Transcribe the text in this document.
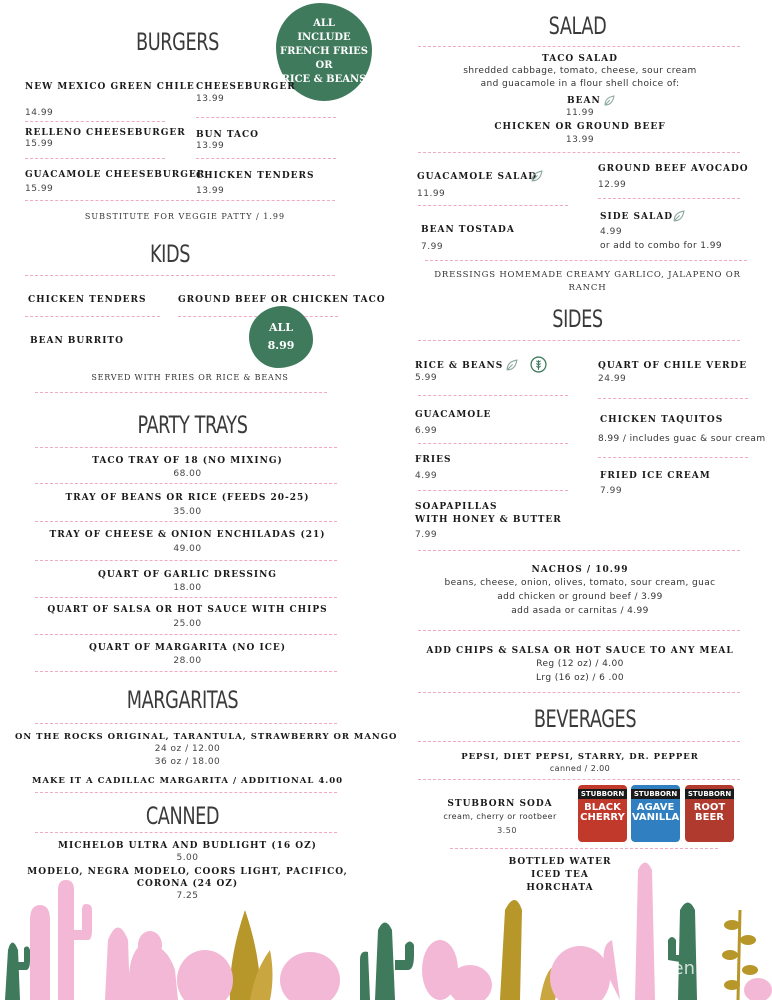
BURGERS
ALL
INCLUDE
FRENCH FRIES
OR
RICE & BEANS
NEW MEXICO GREEN CHILE
14.99
CHEESEBURGER
13.99
RELLENO CHEESEBURGER
15.99
BUN TACO
13.99
GUACAMOLE CHEESEBURGER
15.99
CHICKEN TENDERS
13.99
SUBSTITUTE FOR VEGGIE PATTY / 1.99
KIDS
CHICKEN TENDERS	GROUND BEEF OR CHICKEN TACO
BEAN BURRITO
ALL
8.99
SERVED WITH FRIES OR RICE & BEANS
PARTY TRAYS
TACO TRAY OF 18 (NO MIXING)
68.00
TRAY OF BEANS OR RICE (FEEDS 20-25)
35.00
TRAY OF CHEESE & ONION ENCHILADAS (21)
49.00
QUART OF GARLIC DRESSING
18.00
QUART OF SALSA OR HOT SAUCE WITH CHIPS
25.00
QUART OF MARGARITA (NO ICE)
28.00
MARGARITAS
ON THE ROCKS ORIGINAL, TARANTULA, STRAWBERRY OR MANGO
24 oz / 12.00
36 oz / 18.00
MAKE IT A CADILLAC MARGARITA / ADDITIONAL 4.00
CANNED
MICHELOB ULTRA AND BUDLIGHT (16 OZ)
5.00
MODELO, NEGRA MODELO, COORS LIGHT, PACIFICO,
CORONA (24 OZ)
7.25
SALAD
TACO SALAD
shredded cabbage, tomato, cheese, sour cream
and guacamole in a flour shell choice of:
BEAN
11.99
CHICKEN OR GROUND BEEF
13.99
GUACAMOLE SALAD
11.99
GROUND BEEF AVOCADO
12.99
BEAN TOSTADA
7.99
SIDE SALAD
4.99
or add to combo for 1.99
DRESSINGS HOMEMADE CREAMY GARLICO, JALAPENO OR
RANCH
SIDES
RICE & BEANS
5.99
QUART OF CHILE VERDE
24.99
GUACAMOLE
6.99
CHICKEN TAQUITOS
8.99 / includes guac & sour cream
FRIES
4.99	FRIED ICE CREAM
7.99
SOAPAPILLAS
WITH HONEY & BUTTER
7.99
NACHOS / 10.99
beans, cheese, onion, olives, tomato, sour cream, guac
add chicken or ground beef / 3.99
add asada or carnitas / 4.99
ADD CHIPS & SALSA OR HOT SAUCE TO ANY MEAL
Reg (12 oz) / 4.00
Lrg (16 oz) / 6 .00
BEVERAGES
PEPSI, DIET PEPSI, STARRY, DR. PEPPER
canned / 2.00
STUBBORN SODA
cream, cherry or rootbeer
3.50
STUBBORN
BLACK
CHERRY
STUBBORN
AGAVE
VANILLA
STUBBORN
ROOT
BEER
BOTTLED WATER
ICED TEA
HORCHATA
menu
